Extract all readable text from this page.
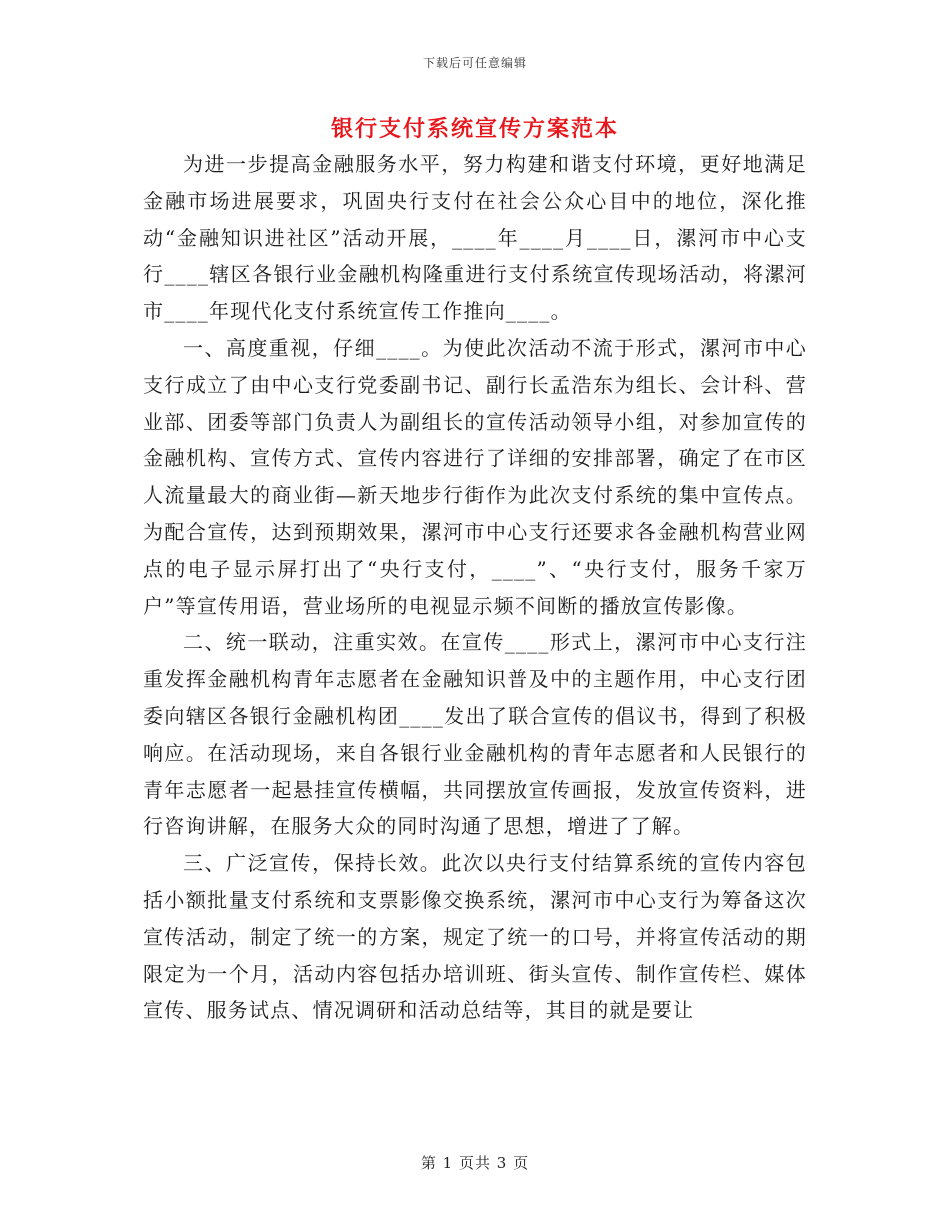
下载后可任意编辑
银行支付系统宣传方案范本

为进一步提高金融服务水平，努力构建和谐支付环境，更好地满足金融市场进展要求，巩固央行支付在社会公众心目中的地位，深化推动“金融知识进社区”活动开展，____年____月____日，漯河市中心支行____辖区各银行业金融机构隆重进行支付系统宣传现场活动，将漯河市____年现代化支付系统宣传工作推向____。

一、高度重视，仔细____。为使此次活动不流于形式，漯河市中心支行成立了由中心支行党委副书记、副行长孟浩东为组长、会计科、营业部、团委等部门负责人为副组长的宣传活动领导小组，对参加宣传的金融机构、宣传方式、宣传内容进行了详细的安排部署，确定了在市区人流量最大的商业街—新天地步行街作为此次支付系统的集中宣传点。为配合宣传，达到预期效果，漯河市中心支行还要求各金融机构营业网点的电子显示屏打出了“央行支付，____”、“央行支付，服务千家万户”等宣传用语，营业场所的电视显示频不间断的播放宣传影像。

二、统一联动，注重实效。在宣传____形式上，漯河市中心支行注重发挥金融机构青年志愿者在金融知识普及中的主题作用，中心支行团委向辖区各银行金融机构团____发出了联合宣传的倡议书，得到了积极响应。在活动现场，来自各银行业金融机构的青年志愿者和人民银行的青年志愿者一起悬挂宣传横幅，共同摆放宣传画报，发放宣传资料，进行咨询讲解，在服务大众的同时沟通了思想，增进了了解。

三、广泛宣传，保持长效。此次以央行支付结算系统的宣传内容包括小额批量支付系统和支票影像交换系统，漯河市中心支行为筹备这次宣传活动，制定了统一的方案，规定了统一的口号，并将宣传活动的期限定为一个月，活动内容包括办培训班、街头宣传、制作宣传栏、媒体宣传、服务试点、情况调研和活动总结等，其目的就是要让

第 1 页共 3 页
